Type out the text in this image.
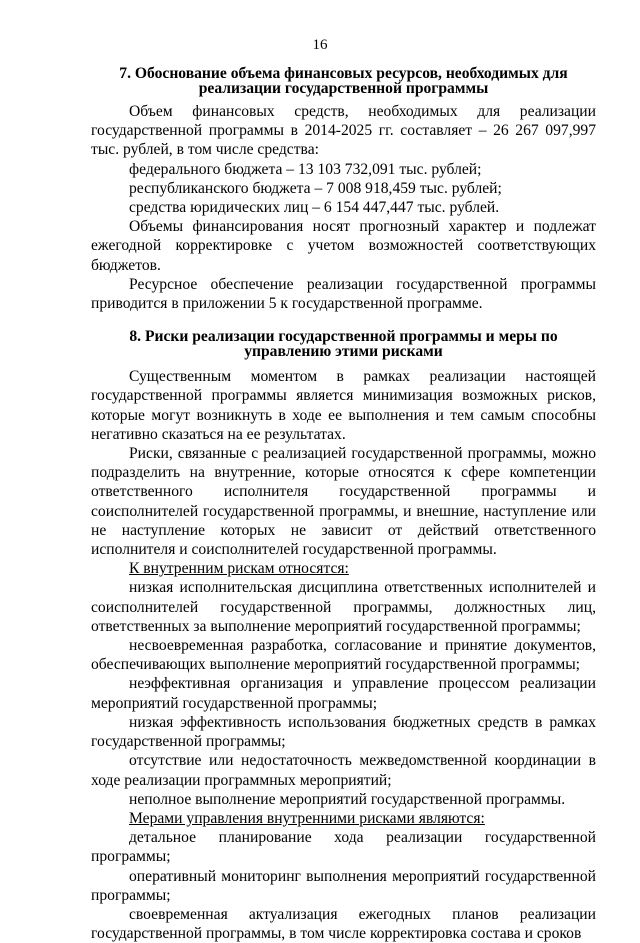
16
7. Обоснование объема финансовых ресурсов, необходимых для реализации государственной программы

Объем финансовых средств, необходимых для реализации государственной программы в 2014-2025 гг. составляет – 26 267 097,997 тыс. рублей, в том числе средства:

федерального бюджета – 13 103 732,091 тыс. рублей;

республиканского бюджета – 7 008 918,459 тыс. рублей;

средства юридических лиц – 6 154 447,447 тыс. рублей.

Объемы финансирования носят прогнозный характер и подлежат ежегодной корректировке с учетом возможностей соответствующих бюджетов.

Ресурсное обеспечение реализации государственной программы приводится в приложении 5 к государственной программе.

8. Риски реализации государственной программы и меры по управлению этими рисками

Существенным моментом в рамках реализации настоящей государственной программы является минимизация возможных рисков, которые могут возникнуть в ходе ее выполнения и тем самым способны негативно сказаться на ее результатах.

Риски, связанные с реализацией государственной программы, можно подразделить на внутренние, которые относятся к сфере компетенции ответственного исполнителя государственной программы и соисполнителей государственной программы, и внешние, наступление или не наступление которых не зависит от действий ответственного исполнителя и соисполнителей государственной программы.

К внутренним рискам относятся:

низкая исполнительская дисциплина ответственных исполнителей и соисполнителей государственной программы, должностных лиц, ответственных за выполнение мероприятий государственной программы;

несвоевременная разработка, согласование и принятие документов, обеспечивающих выполнение мероприятий государственной программы;

неэффективная организация и управление процессом реализации мероприятий государственной программы;

низкая эффективность использования бюджетных средств в рамках государственной программы;

отсутствие или недостаточность межведомственной координации в ходе реализации программных мероприятий;

неполное выполнение мероприятий государственной программы.

Мерами управления внутренними рисками являются:

детальное планирование хода реализации государственной программы;

оперативный мониторинг выполнения мероприятий государственной программы;

своевременная актуализация ежегодных планов реализации государственной программы, в том числе корректировка состава и сроков
